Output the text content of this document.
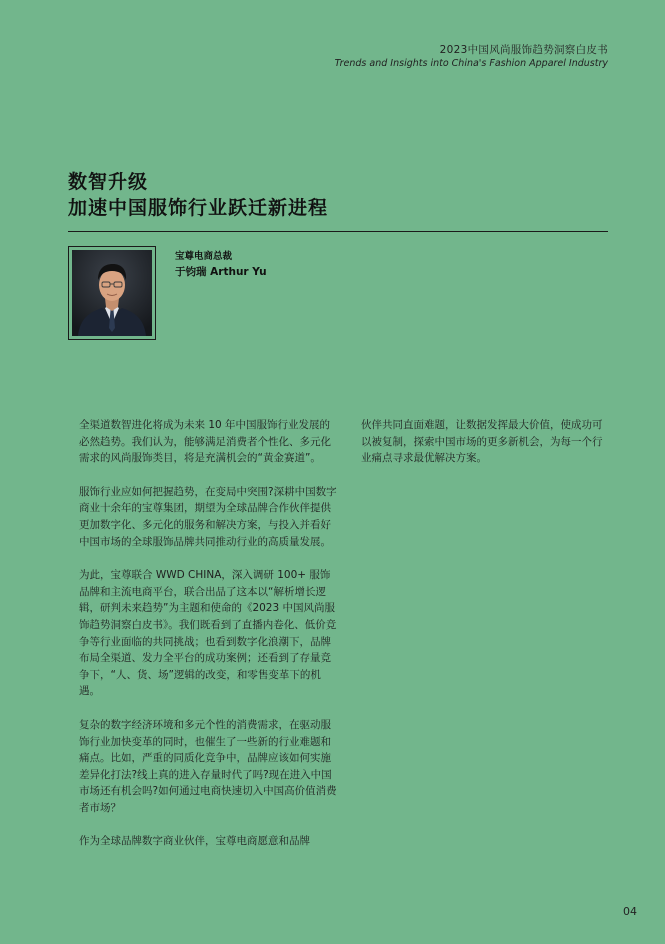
2023中国风尚服饰趋势洞察白皮书
Trends and Insights into China's Fashion Apparel Industry
数智升级
加速中国服饰行业跃迁新进程
宝尊电商总裁
于钧瑞 Arthur Yu

全渠道数智进化将成为未来 10 年中国服饰行业发展的必然趋势。我们认为，能够满足消费者个性化、多元化需求的风尚服饰类目，将是充满机会的“黄金赛道”。

服饰行业应如何把握趋势，在变局中突围?深耕中国数字商业十余年的宝尊集团，期望为全球品牌合作伙伴提供更加数字化、多元化的服务和解决方案，与投入并看好中国市场的全球服饰品牌共同推动行业的高质量发展。

为此，宝尊联合 WWD CHINA，深入调研 100+ 服饰品牌和主流电商平台，联合出品了这本以“解析增长逻辑，研判未来趋势”为主题和使命的《2023 中国风尚服饰趋势洞察白皮书》。我们既看到了直播内卷化、低价竞争等行业面临的共同挑战；也看到数字化浪潮下，品牌布局全渠道、发力全平台的成功案例；还看到了存量竞争下，“人、货、场”逻辑的改变，和零售变革下的机遇。

复杂的数字经济环境和多元个性的消费需求，在驱动服饰行业加快变革的同时，也催生了一些新的行业难题和痛点。比如，严重的同质化竞争中，品牌应该如何实施差异化打法?线上真的进入存量时代了吗?现在进入中国市场还有机会吗?如何通过电商快速切入中国高价值消费者市场？

作为全球品牌数字商业伙伴，宝尊电商愿意和品牌

伙伴共同直面难题，让数据发挥最大价值，使成功可以被复制，探索中国市场的更多新机会，为每一个行业痛点寻求最优解决方案。

04
